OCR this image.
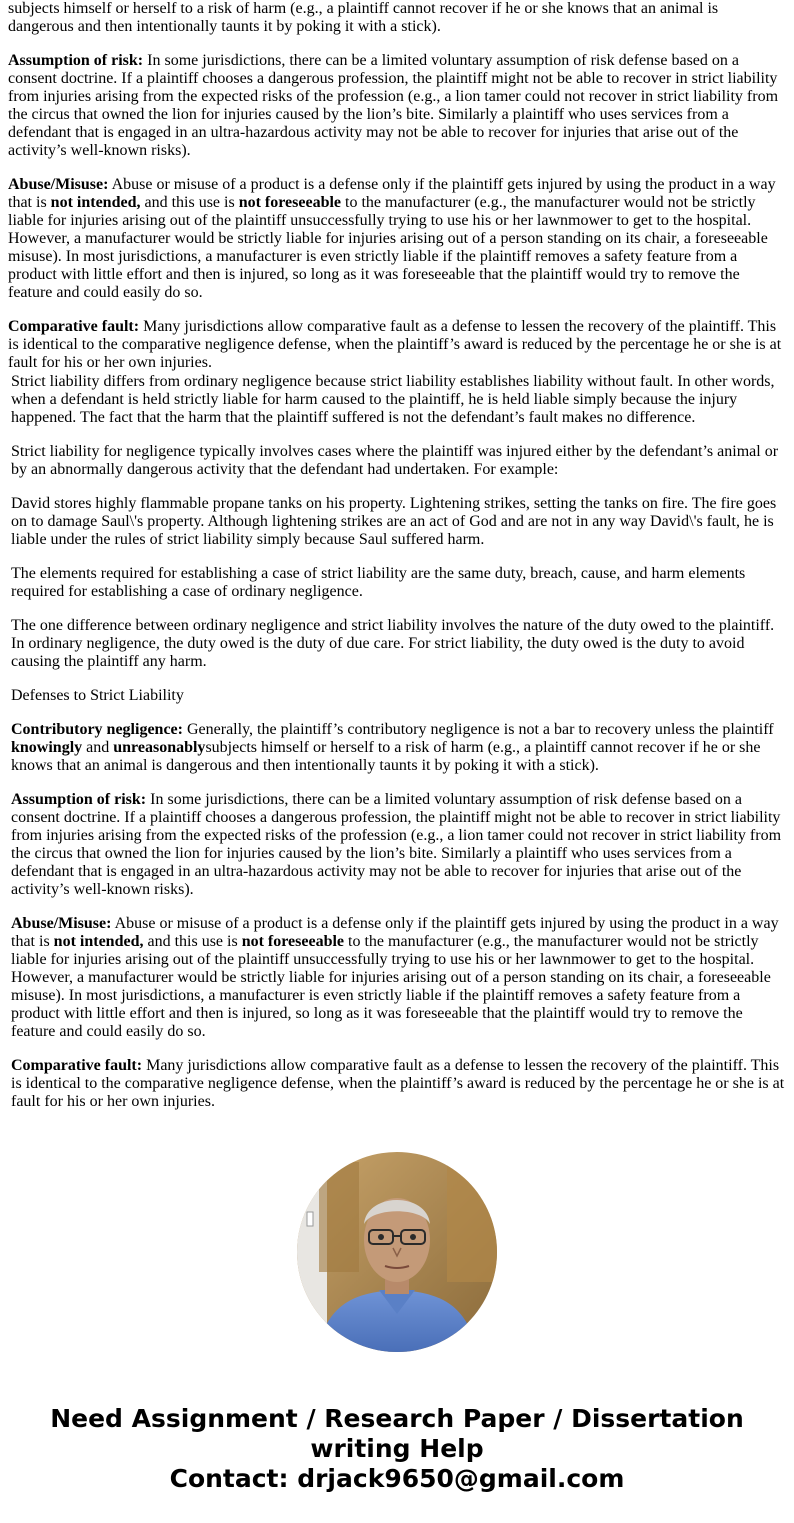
subjects himself or herself to a risk of harm (e.g., a plaintiff cannot recover if he or she knows that an animal is dangerous and then intentionally taunts it by poking it with a stick).

Assumption of risk: In some jurisdictions, there can be a limited voluntary assumption of risk defense based on a consent doctrine. If a plaintiff chooses a dangerous profession, the plaintiff might not be able to recover in strict liability from injuries arising from the expected risks of the profession (e.g., a lion tamer could not recover in strict liability from the circus that owned the lion for injuries caused by the lion’s bite. Similarly a plaintiff who uses services from a defendant that is engaged in an ultra-hazardous activity may not be able to recover for injuries that arise out of the activity’s well-known risks).

Abuse/Misuse: Abuse or misuse of a product is a defense only if the plaintiff gets injured by using the product in a way that is not intended, and this use is not foreseeable to the manufacturer (e.g., the manufacturer would not be strictly liable for injuries arising out of the plaintiff unsuccessfully trying to use his or her lawnmower to get to the hospital. However, a manufacturer would be strictly liable for injuries arising out of a person standing on its chair, a foreseeable misuse). In most jurisdictions, a manufacturer is even strictly liable if the plaintiff removes a safety feature from a product with little effort and then is injured, so long as it was foreseeable that the plaintiff would try to remove the feature and could easily do so.

Comparative fault: Many jurisdictions allow comparative fault as a defense to lessen the recovery of the plaintiff. This is identical to the comparative negligence defense, when the plaintiff’s award is reduced by the percentage he or she is at fault for his or her own injuries.

Strict liability differs from ordinary negligence because strict liability establishes liability without fault. In other words, when a defendant is held strictly liable for harm caused to the plaintiff, he is held liable simply because the injury happened. The fact that the harm that the plaintiff suffered is not the defendant’s fault makes no difference.

Strict liability for negligence typically involves cases where the plaintiff was injured either by the defendant’s animal or by an abnormally dangerous activity that the defendant had undertaken. For example:

David stores highly flammable propane tanks on his property. Lightening strikes, setting the tanks on fire. The fire goes on to damage Saul\'s property. Although lightening strikes are an act of God and are not in any way David\'s fault, he is liable under the rules of strict liability simply because Saul suffered harm.

The elements required for establishing a case of strict liability are the same duty, breach, cause, and harm elements required for establishing a case of ordinary negligence.

The one difference between ordinary negligence and strict liability involves the nature of the duty owed to the plaintiff. In ordinary negligence, the duty owed is the duty of due care. For strict liability, the duty owed is the duty to avoid causing the plaintiff any harm.

Defenses to Strict Liability

Contributory negligence: Generally, the plaintiff’s contributory negligence is not a bar to recovery unless the plaintiff knowingly and unreasonablysubjects himself or herself to a risk of harm (e.g., a plaintiff cannot recover if he or she knows that an animal is dangerous and then intentionally taunts it by poking it with a stick).

Assumption of risk: In some jurisdictions, there can be a limited voluntary assumption of risk defense based on a consent doctrine. If a plaintiff chooses a dangerous profession, the plaintiff might not be able to recover in strict liability from injuries arising from the expected risks of the profession (e.g., a lion tamer could not recover in strict liability from the circus that owned the lion for injuries caused by the lion’s bite. Similarly a plaintiff who uses services from a defendant that is engaged in an ultra-hazardous activity may not be able to recover for injuries that arise out of the activity’s well-known risks).

Abuse/Misuse: Abuse or misuse of a product is a defense only if the plaintiff gets injured by using the product in a way that is not intended, and this use is not foreseeable to the manufacturer (e.g., the manufacturer would not be strictly liable for injuries arising out of the plaintiff unsuccessfully trying to use his or her lawnmower to get to the hospital. However, a manufacturer would be strictly liable for injuries arising out of a person standing on its chair, a foreseeable misuse). In most jurisdictions, a manufacturer is even strictly liable if the plaintiff removes a safety feature from a product with little effort and then is injured, so long as it was foreseeable that the plaintiff would try to remove the feature and could easily do so.

Comparative fault: Many jurisdictions allow comparative fault as a defense to lessen the recovery of the plaintiff. This is identical to the comparative negligence defense, when the plaintiff’s award is reduced by the percentage he or she is at fault for his or her own injuries.

Need Assignment / Research Paper / Dissertation
writing Help
Contact: drjack9650@gmail.com
